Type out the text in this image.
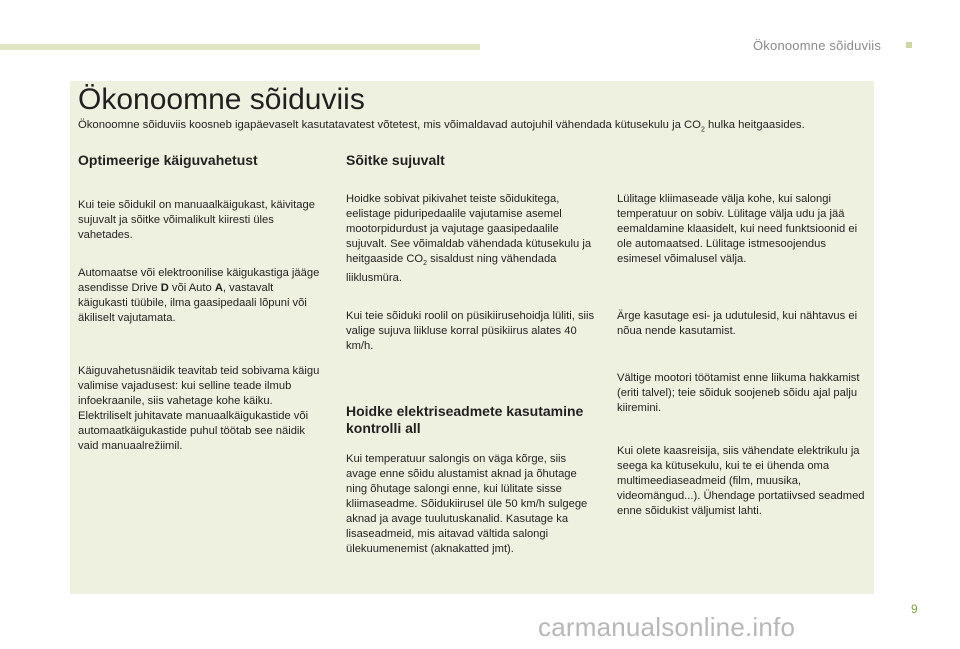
Ökonoomne sõiduviis
Ökonoomne sõiduviis

Ökonoomne sõiduviis koosneb igapäevaselt kasutatavatest võtetest, mis võimaldavad autojuhil vähendada kütusekulu ja $CO_2$ hulka heitgaasides.

Optimeerige käiguvahetust

Kui teie sõidukil on manuaalkäigukast, käivitage sujuvalt ja sõitke võimalikult kiiresti üles vahetades.

Automaatse või elektroonilise käigukastiga jääge asendisse Drive D või Auto A, vastavalt käigukasti tüübile, ilma gaasipedaali lõpuni või äkiliselt vajutamata.

Käiguvahetusnäidik teavitab teid sobivama käigu valimise vajadusest: kui selline teade ilmub infoekraanile, siis vahetage kohe käiku. Elektriliselt juhitavate manuaalkäigukastide või automaatkäigukastide puhul töötab see näidik vaid manuaalrežiimil.

Sõitke sujuvalt

Hoidke sobivat pikivahet teiste sõidukitega, eelistage piduripedaalile vajutamise asemel mootorpidurdust ja vajutage gaasipedaalile sujuvalt. See võimaldab vähendada kütusekulu ja heitgaaside $CO_2$ sisaldust ning vähendada liiklusmüra.

Kui teie sõiduki roolil on püsikiirusehoidja lüliti, siis valige sujuva liikluse korral püsikiirus alates 40 km/h.

Hoidke elektriseadmete kasutamine kontrolli all

Kui temperatuur salongis on väga kõrge, siis avage enne sõidu alustamist aknad ja õhutage ning õhutage salongi enne, kui lülitate sisse kliimaseadme. Sõidukiirusel üle 50 km/h sulgege aknad ja avage tuulutuskanalid. Kasutage ka lisaseadmeid, mis aitavad vältida salongi ülekuumenemist (aknakatted jmt).

Lülitage kliimaseade välja kohe, kui salongi temperatuur on sobiv. Lülitage välja udu ja jää eemaldamine klaasidelt, kui need funktsioonid ei ole automaatsed. Lülitage istmesoojendus esimesel võimalusel välja.

Ärge kasutage esi- ja udutulesid, kui nähtavus ei nõua nende kasutamist.

Vältige mootori töötamist enne liikuma hakkamist (eriti talvel); teie sõiduk soojeneb sõidu ajal palju kiiremini.

Kui olete kaasreisija, siis vähendate elektrikulu ja seega ka kütusekulu, kui te ei ühenda oma multimeediaseadmeid (film, muusika, videomängud...). Ühendage portatiivsed seadmed enne sõidukist väljumist lahti.

9
carmanualsonline.info
